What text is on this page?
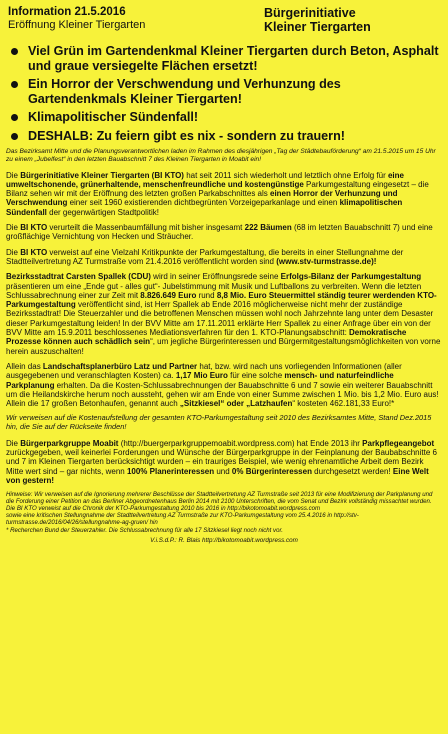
Information 21.5.2016
Eröffnung Kleiner Tiergarten
Bürgerinitiative
Kleiner Tiergarten
Viel Grün im Gartendenkmal Kleiner Tiergarten durch Beton, Asphalt und graue versiegelte Flächen ersetzt!
Ein Horror der Verschwendung und Verhunzung des Gartendenkmals Kleiner Tiergarten!
Klimapolitischer Sündenfall!
DESHALB: Zu feiern gibt es nix - sondern zu trauern!
Das Bezirksamt Mitte und die Planungsverantwortlichen laden im Rahmen des diesjährigen „Tag der Städtebauförderung“ am 21.5.2015 um 15 Uhr zu einem „Jubelfest“ in den letzten Bauabschnitt 7 des Kleinen Tiergarten in Moabit ein!
Die Bürgerinitiative Kleiner Tiergarten (BI KTO) hat seit 2011 sich wiederholt und letztlich ohne Erfolg für eine umweltschonende, grünerhaltende, menschenfreundliche und kostengünstige Parkumgestaltung eingesetzt – die Bilanz sehen wir mit der Eröffnung des letzten großen Parkabschnittes als einen Horror der Verhunzung und Verschwendung einer seit 1960 existierenden dichtbegrünten Vorzeigeparkanlage und einen klimapolitischen Sündenfall der gegenwärtigen Stadtpolitik!
Die BI KTO verurteilt die Massenbaumfällung mit bisher insgesamt 222 Bäumen (68 im letzten Bauabschnitt 7) und eine großflächige Vernichtung von Hecken und Sträucher.
Die BI KTO verweist auf eine Vielzahl Kritikpunkte der Parkumgestaltung, die bereits in einer Stellungnahme der Stadtteilvertretung AZ Turmstraße vom 21.4.2016 veröffentlicht worden sind (www.stv-turmstrasse.de)!
Bezirksstadtrat Carsten Spallek (CDU) wird in seiner Eröffnungsrede seine Erfolgs-Bilanz der Parkumgestaltung präsentieren um eine „Ende gut - alles gut“- Jubelstimmung mit Musik und Luftballons zu verbreiten. Wenn die letzten Schlussabrechnung einer zur Zeit mit 8.826.649 Euro rund 8,8 Mio. Euro Steuermittel ständig teurer werdenden KTO-Parkumgestaltung veröffentlicht sind, ist Herr Spallek ab Ende 2016 möglicherweise nicht mehr der zuständige Bezirksstadtrat! Die Steuerzahler und die betroffenen Menschen müssen wohl noch Jahrzehnte lang unter dem Desaster dieser Parkumgestaltung leiden! In der BVV Mitte am 17.11.2011 erklärte Herr Spallek zu einer Anfrage über ein von der BVV Mitte am 15.9.2011 beschlossenes Mediationsverfahren für den 1. KTO-Planungsabschnitt: Demokratische Prozesse können auch schädlich sein“, um jegliche Bürgerinteressen und Bürgermitgestaltungsmöglichkeiten von vorne herein auszuschalten!
Allein das Landschaftsplanerbüro Latz und Partner hat, bzw. wird nach uns vorliegenden Informationen (aller ausgegebenen und veranschlagten Kosten) ca. 1,17 Mio Euro für eine solche mensch- und naturfeindliche Parkplanung erhalten. Da die Kosten-Schlussabrechnungen der Bauabschnitte 6 und 7 sowie ein weiterer Bauabschnitt um die Heilandskirche herum noch aussteht, gehen wir am Ende von einer Summe zwischen 1 Mio. bis 1,2 Mio. Euro aus! Allein die 17 großen Betonhaufen, genannt auch „Sitzkiesel“ oder „Latzhaufen“ kosteten 462.181,33 Euro!*
Wir verweisen auf die Kostenaufstellung der gesamten KTO-Parkumgestaltung seit 2010 des Bezirksamtes Mitte, Stand Dez.2015 hin, die Sie auf der Rückseite finden!
Die Bürgerparkgruppe Moabit (http://buergerparkgruppemoabit.wordpress.com) hat Ende 2013 ihr Parkpflegeangebot zurückgegeben, weil keinerlei Forderungen und Wünsche der Bürgerparkgruppe in der Feinplanung der Baubabschnitte 6 und 7 im Kleinen Tiergarten berücksichtigt wurden – ein trauriges Beispiel, wie wenig ehrenamtliche Arbeit dem Bezirk Mitte wert sind – gar nichts, wenn 100% Planerinteressen und 0% Bürgerinteressen durchgesetzt werden! Eine Welt von gestern!
Hinweise: Wir verweisen auf die Ignorierung mehrerer Beschlüsse der Stadtteilvertretung AZ Turmstraße seit 2013 für eine Modifizierung der Parkplanung und die Forderung einer Petition an das Berliner Abgeordnetenhaus Berlin 2014 mit 2100 Unterschriften, die vom Senat und Bezirk vollständig missachtet wurden.
Die BI KTO verweist auf die Chronik der KTO-Parkumgestaltung 2010 bis 2016 in http://bikotomoabit.wordpress.com
sowie eine kritischen Stellungnahme der Stadtteilvertretung AZ Turmstraße zur KTO-Parkumgestaltung vom 25.4.2016 in http://stv-turmstrasse.de/2016/04/26/stellungnahme-ag-gruen/ hin
* Recherchen Bund der Steuerzahler. Die Schlussabrechnung für alle 17 Sitzkiesel liegt noch nicht vor.
V.i.S.d.P.: R. Blais http://bikotomoabit.wordpress.com
